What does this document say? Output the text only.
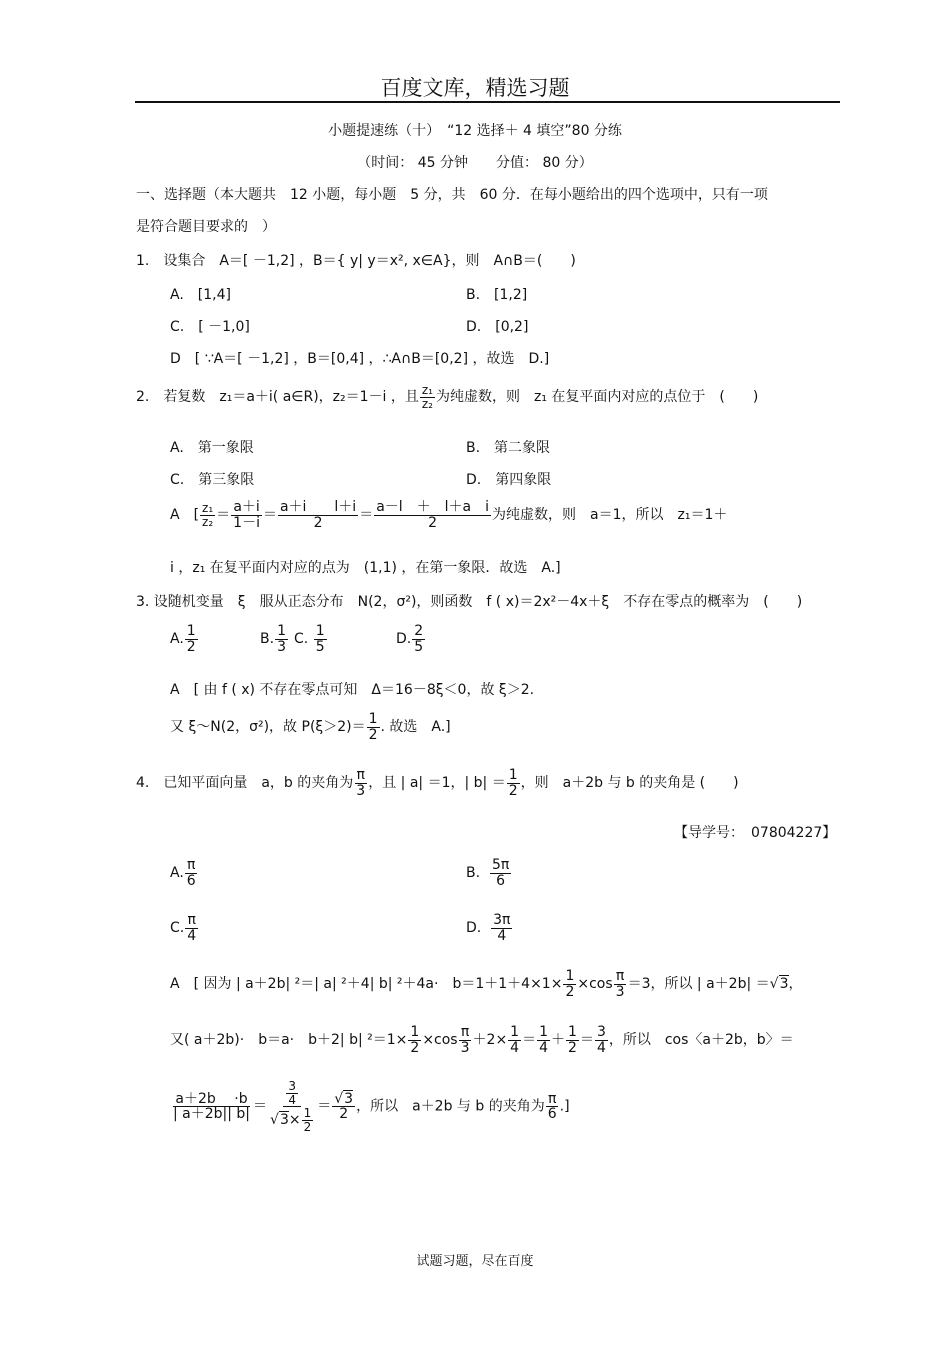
百度文库，精选习题
小题提速练（十）　“12 选择＋ 4 填空”80 分练
（时间： 45 分钟　　分值： 80 分）
一、选择题（本大题共　12 小题，每小题　5 分，共　60 分．在每小题给出的四个选项中，只有一项
是符合题目要求的　）
1.　设集合　A＝[ －1,2] ，B＝{ y| y＝x², x∈A}，则　A∩B＝(　　)
A.　[1,4]	B.　[1,2]
C.　[ －1,0]	D.　[0,2]
D　[ ∵A＝[ －1,2] ，B＝[0,4] ，∴A∩B＝[0,2] ，故选　D.]
2.　若复数　z₁＝a＋i( a∈R)，z₂＝1－i ，且 $\frac{\text{z₁}}{\text{z₂}}$ 为纯虚数，则　z₁ 在复平面内对应的点位于　(　　)
A.　第一象限	B.　第二象限
C.　第三象限	D.　第四象限
A　[ $\frac{\text{z₁}}{\text{z₂}} = \frac{a+i}{1-i} = \frac{\text{a＋i　　l＋i}}{2} = \frac{\text{a－l　＋　l＋a　i}}{2}$ 为纯虚数，则　a＝1，所以　z₁＝1＋
i ，z₁ 在复平面内对应的点为　(1,1) ，在第一象限．故选　A.]
3. 设随机变量　ξ　服从正态分布　N(2，σ²)，则函数　f ( x)＝2x²－4x＋ξ　不存在零点的概率为　(　　)
A. $\frac{1}{2}$	B. $\frac{1}{3} C$. $\frac{1}{5}$	D. $\frac{2}{5}$
A　[ 由 f ( x) 不存在零点可知　Δ＝16－8ξ＜0，故 ξ＞2.
又 ξ～N(2，σ²)，故 $P(\xi>2)= \frac{1}{2}$ . 故选　A.]
4.　已知平面向量　a，b 的夹角为 $\frac{\pi}{3}$ ，且 | a| ＝1，| $b| = \frac{1}{2}$ ，则　a＋2b 与 b 的夹角是 (　　)
【导学号：　07804227】
A. $\frac{\pi}{6}$	B. $\frac{5\pi}{6}$
C. $\frac{\pi}{4}$	D. $\frac{3\pi}{4}$
A　[ 因为 | a＋2b| ²＝| a| ²＋4| b| ²＋4a·　$b=1+1+4\times 1\times \frac{1}{2} \times\cos \frac{\pi}{3} =3$，所以 | a＋2b| ＝√3，
又( a＋2b)·　b＝a·　b＋2| b| $^2=1\times \frac{1}{2} \times\cos \frac{\pi}{3} +2\times \frac{1}{4} = \frac{1}{4} + \frac{1}{2} = \frac{3}{4}$ ，所以　cos〈a＋2b，b〉＝
$\frac{a+2b \cdot b}{| a+2b|| b|} = \frac{\frac{3}{4}}{√3\times \frac{1}{2}} = \frac{√3}{2}$ ，所以　a＋2b 与 b 的夹角为 $\frac{\pi}{6}$ .]
试题习题，尽在百度
